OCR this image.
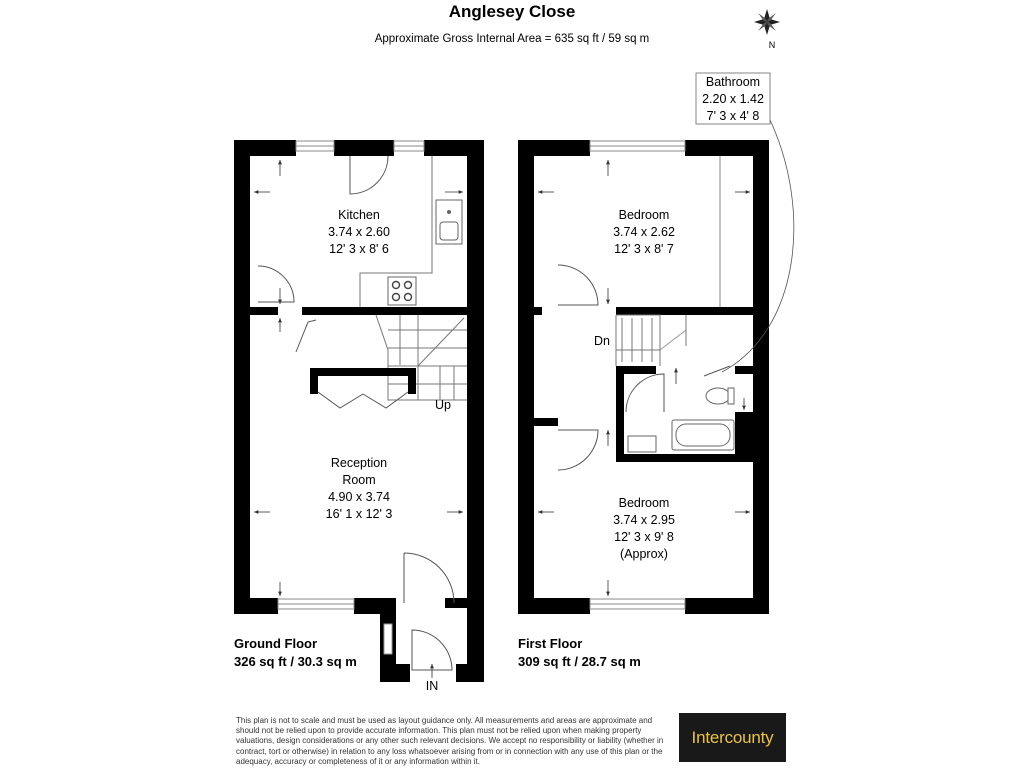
Anglesey Close
Approximate Gross Internal Area = 635 sq ft / 59 sq m	N
Kitchen
3.74 x 2.60
12' 3 x 8' 6
Reception
Room
4.90 x 3.74
16' 1 x 12' 3
Up
IN
Ground Floor
326 sq ft / 30.3 sq m
Bedroom
3.74 x 2.62
12' 3 x 8' 7
Bedroom
3.74 x 2.95
12' 3 x 9' 8
(Approx)
Bathroom
2.20 x 1.42
7' 3 x 4' 8
Dn
First Floor
309 sq ft / 28.7 sq m
This plan is not to scale and must be used as layout guidance only. All measurements and areas are approximate and should not be relied upon to provide accurate information. This plan must not be relied upon when making property valuations, design considerations or any other such relevant decisions. We accept no responsibility or liability (whether in contract, tort or otherwise) in relation to any loss whatsoever arising from or in connection with any use of this plan or the adequacy, accuracy or completeness of it or any information within it.
Intercounty
